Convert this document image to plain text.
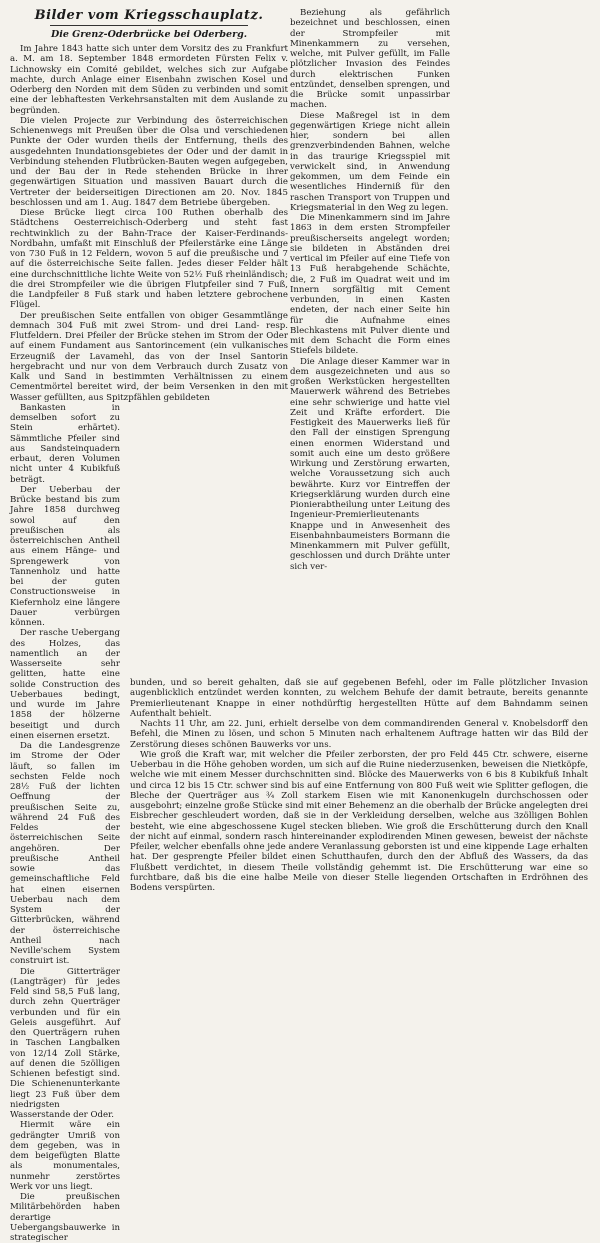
Bilder vom Kriegsschauplatz.
Die Grenz-Oderbrücke bei Oderberg.

Im Jahre 1843 hatte sich unter dem Vorsitz des zu Frankfurt a. M. am 18. September 1848 ermordeten Fürsten Felix v. Lichnowsky ein Comité gebildet, welches sich zur Aufgabe machte, durch Anlage einer Eisenbahn zwischen Kosel und Oderberg den Norden mit dem Süden zu verbinden und somit eine der lebhaftesten Verkehrsanstalten mit dem Auslande zu begründen.

Die vielen Projecte zur Verbindung des österreichischen Schienenwegs mit Preußen über die Olsa und verschiedenen Punkte der Oder wurden theils der Entfernung, theils des ausgedehnten Inundationsgebietes der Oder und der damit in Verbindung stehenden Flutbrücken-Bauten wegen aufgegeben, und der Bau der in Rede stehenden Brücke in ihrer gegenwärtigen Situation und massiven Bauart durch die Vertreter der beiderseitigen Directionen am 20. Nov. 1845 beschlossen und am 1. Aug. 1847 dem Betriebe übergeben.

Diese Brücke liegt circa 100 Ruthen oberhalb des Städtchens Oesterreichisch-Oderberg und steht fast rechtwinklich zu der Bahn-Trace der Kaiser-Ferdinands-Nordbahn, umfaßt mit Einschluß der Pfeilerstärke eine Länge von 730 Fuß in 12 Feldern, wovon 5 auf die preußische und 7 auf die österreichische Seite fallen. Jedes dieser Felder hält eine durchschnittliche lichte Weite von 52½ Fuß rheinländisch; die drei Strompfeiler wie die übrigen Flutpfeiler sind 7 Fuß, die Landpfeiler 8 Fuß stark und haben letztere gebrochene Flügel.

Der preußischen Seite entfallen von obiger Gesammtlänge demnach 304 Fuß mit zwei Strom- und drei Land- resp. Flutfeldern. Drei Pfeiler der Brücke stehen im Strom der Oder auf einem Fundament aus Santorincement (ein vulkanisches Erzeugniß der Lavamehl, das von der Insel Santorin hergebracht und nur von dem Verbrauch durch Zusatz von Kalk und Sand in bestimmten Verhältnissen zu einem Cementmörtel bereitet wird, der beim Versenken in den mit Wasser gefüllten, aus Spitzpfählen gebildeten

Bankasten in demselben sofort zu Stein erhärtet). Sämmtliche Pfeiler sind aus Sandsteinquadern erbaut, deren Volumen nicht unter 4 Kubikfuß beträgt.

Der Ueberbau der Brücke bestand bis zum Jahre 1858 durchweg sowol auf den preußischen als österreichischen Antheil aus einem Hänge- und Sprengewerk von Tannenholz und hatte bei der guten Constructionsweise in Kiefernholz eine längere Dauer verbürgen können.

Der rasche Uebergang des Holzes, das namentlich an der Wasserseite sehr gelitten, hatte eine solide Construction des Ueberbaues bedingt, und wurde im Jahre 1858 der hölzerne beseitigt und durch einen eisernen ersetzt.

Da die Landesgrenze im Strome der Oder läuft, so fallen im sechsten Felde noch 28½ Fuß der lichten Oeffnung der preußischen Seite zu, während 24 Fuß des Feldes der österreichischen Seite angehören. Der preußische Antheil sowie das gemeinschaftliche Feld hat einen eisernen Ueberbau nach dem System der Gitterbrücken, während der österreichische Antheil nach Neville'schem System construirt ist.

Die Gitterträger (Langträger) für jedes Feld sind 58,5 Fuß lang, durch zehn Querträger verbunden und für ein Geleis ausgeführt. Auf den Querträgern ruhen in Taschen Langbalken von 12/14 Zoll Stärke, auf denen die 5zölligen Schienen befestigt sind. Die Schienenunterkante liegt 23 Fuß über dem niedrigsten Wasserstande der Oder.

Hiermit wäre ein gedrängter Umriß von dem gegeben, was in dem beigefügten Blatte als monumentales, nunmehr zerstörtes Werk vor uns liegt.

Die preußischen Militärbehörden haben derartige Uebergangsbauwerke in strategischer

Beziehung als gefährlich bezeichnet und beschlossen, einen der Strompfeiler mit Minenkammern zu versehen, welche, mit Pulver gefüllt, im Falle plötzlicher Invasion des Feindes durch elektrischen Funken entzündet, denselben sprengen, und die Brücke somit unpassirbar machen.

Diese Maßregel ist in dem gegenwärtigen Kriege nicht allein hier, sondern bei allen grenzverbindenden Bahnen, welche in das traurige Kriegsspiel mit verwickelt sind, in Anwendung gekommen, um dem Feinde ein wesentliches Hinderniß für den raschen Transport von Truppen und Kriegsmaterial in den Weg zu legen.

Die Minenkammern sind im Jahre 1863 in dem ersten Strompfeiler preußischerseits angelegt worden; sie bildeten in Abständen drei vertical im Pfeiler auf eine Tiefe von 13 Fuß herabgehende Schächte, die, 2 Fuß im Quadrat weit und im Innern sorgfältig mit Cement verbunden, in einen Kasten endeten, der nach einer Seite hin für die Aufnahme eines Blechkastens mit Pulver diente und mit dem Schacht die Form eines Stiefels bildete.

Die Anlage dieser Kammer war in dem ausgezeichneten und aus so großen Werkstücken hergestellten Mauerwerk während des Betriebes eine sehr schwierige und hatte viel Zeit und Kräfte erfordert. Die Festigkeit des Mauerwerks ließ für den Fall der einstigen Sprengung einen enormen Widerstand und somit auch eine um desto größere Wirkung und Zerstörung erwarten, welche Voraussetzung sich auch bewährte. Kurz vor Eintreffen der Kriegserklärung wurden durch eine Pionierabtheilung unter Leitung des Ingenieur-Premierlieutenants Knappe und in Anwesenheit des Eisenbahnbaumeisters Bormann die Minenkammern mit Pulver gefüllt, geschlossen und durch Drähte unter sich ver-

bunden, und so bereit gehalten, daß sie auf gegebenen Befehl, oder im Falle plötzlicher Invasion augenblicklich entzündet werden konnten, zu welchem Behufe der damit betraute, bereits genannte Premierlieutenant Knappe in einer nothdürftig hergestellten Hütte auf dem Bahndamm seinen Aufenthalt behielt.

Nachts 11 Uhr, am 22. Juni, erhielt derselbe von dem commandirenden General v. Knobelsdorff den Befehl, die Minen zu lösen, und schon 5 Minuten nach erhaltenem Auftrage hatten wir das Bild der Zerstörung dieses schönen Bauwerks vor uns.

Wie groß die Kraft war, mit welcher die Pfeiler zerborsten, der pro Feld 445 Ctr. schwere, eiserne Ueberbau in die Höhe gehoben worden, um sich auf die Ruine niederzusenken, beweisen die Nietköpfe, welche wie mit einem Messer durchschnitten sind. Blöcke des Mauerwerks von 6 bis 8 Kubikfuß Inhalt und circa 12 bis 15 Ctr. schwer sind bis auf eine Entfernung von 800 Fuß weit wie Splitter geflogen, die Bleche der Querträger aus ¾ Zoll starkem Eisen wie mit Kanonenkugeln durchschossen oder ausgebohrt; einzelne große Stücke sind mit einer Behemenz an die oberhalb der Brücke angelegten drei Eisbrecher geschleudert worden, daß sie in der Verkleidung derselben, welche aus 3zölligen Bohlen besteht, wie eine abgeschossene Kugel stecken blieben. Wie groß die Erschütterung durch den Knall der nicht auf einmal, sondern rasch hintereinander explodirenden Minen gewesen, beweist der nächste Pfeiler, welcher ebenfalls ohne jede andere Veranlassung geborsten ist und eine kippende Lage erhalten hat. Der gesprengte Pfeiler bildet einen Schutthaufen, durch den der Abfluß des Wassers, da das Flußbett verdichtet, in diesem Theile vollständig gehemmt ist. Die Erschütterung war eine so furchtbare, daß bis die eine halbe Meile von dieser Stelle liegenden Ortschaften in Erdröhnen des Bodens verspürten.
